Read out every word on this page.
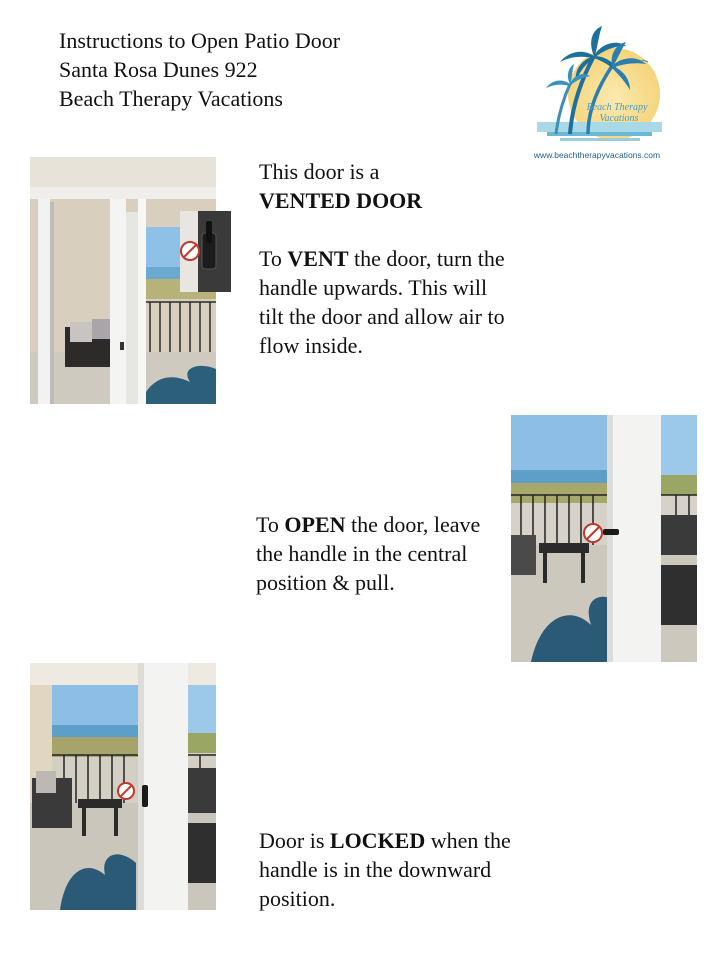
Instructions to Open Patio Door
Santa Rosa Dunes 922
Beach Therapy Vacations	Beach Therapy
Vacations
www.beachtherapyvacations.com

This door is a

VENTED DOOR

To VENT the door, turn the handle upwards. This will tilt the door and allow air to flow inside.

To OPEN the door, leave the handle in the central position & pull.

Door is LOCKED when the handle is in the downward position.
